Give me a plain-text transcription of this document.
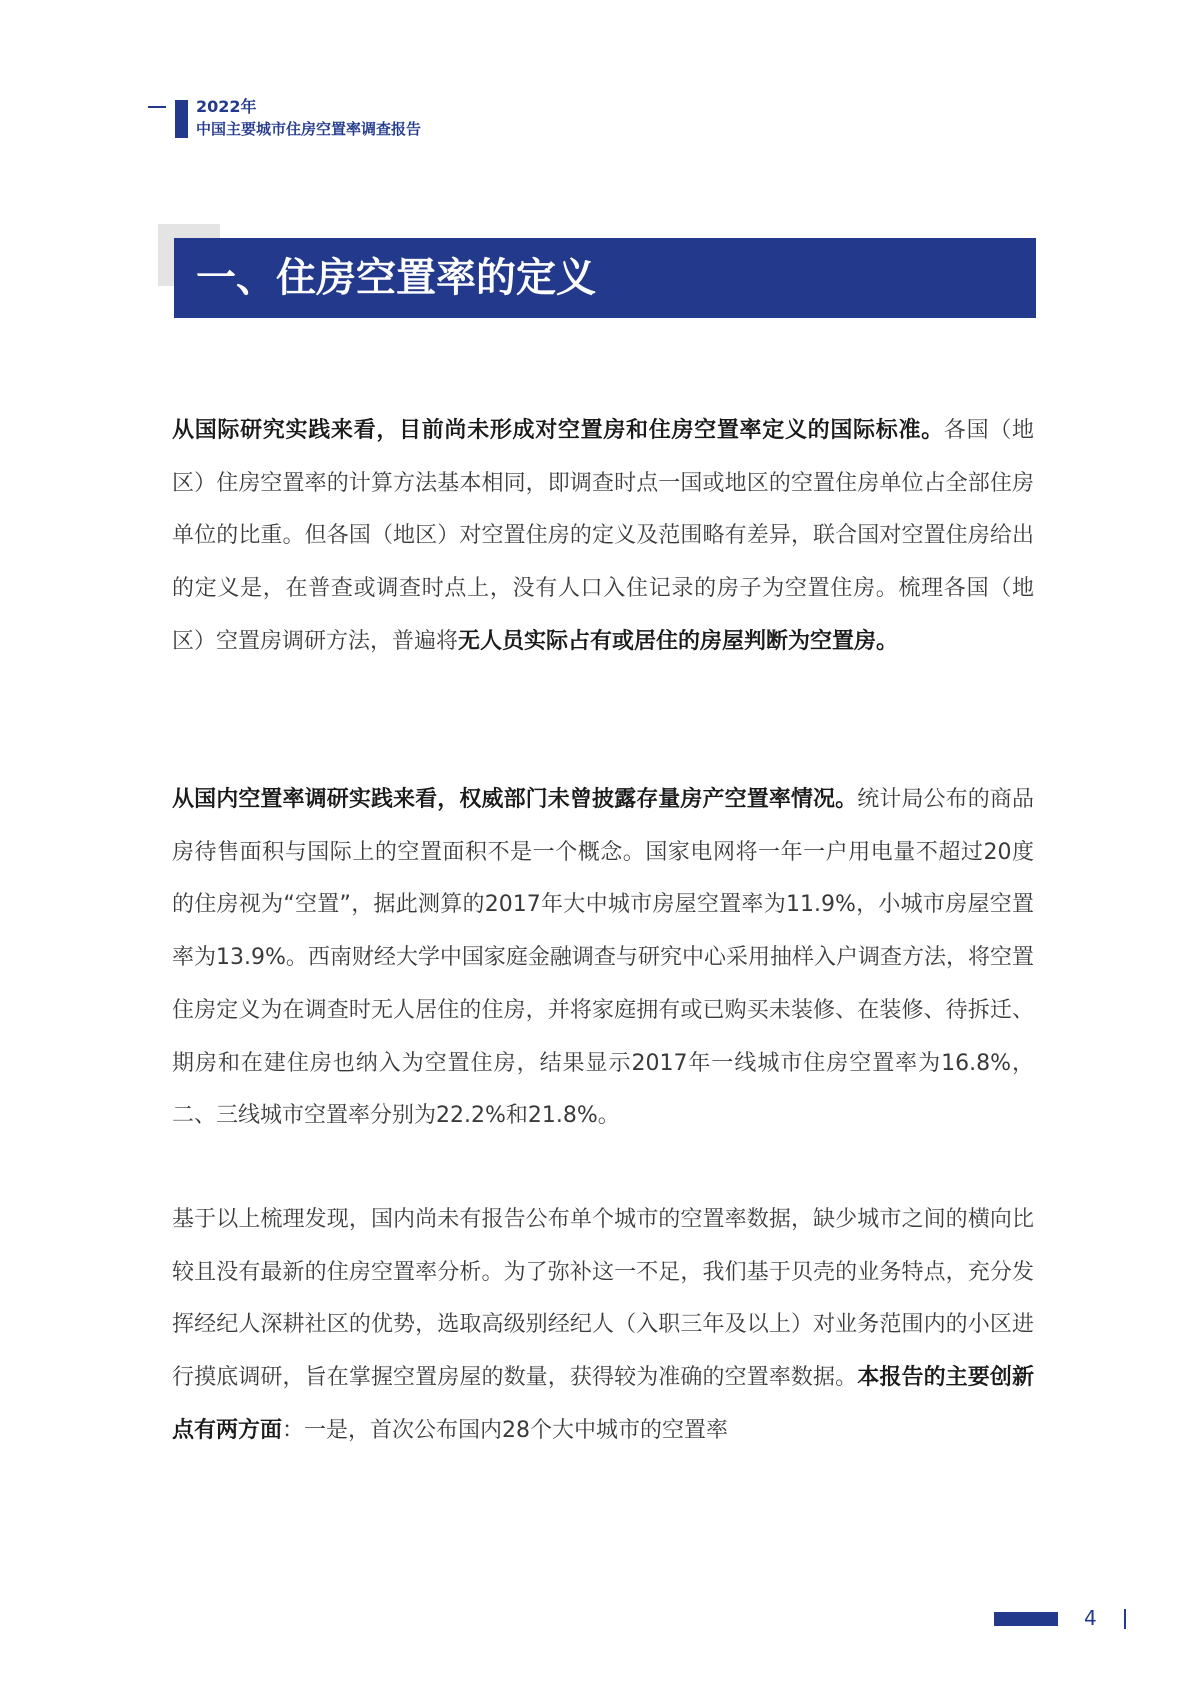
2022年
中国主要城市住房空置率调查报告
一、住房空置率的定义

从国际研究实践来看，目前尚未形成对空置房和住房空置率定义的国际标准。各国（地区）住房空置率的计算方法基本相同，即调查时点一国或地区的空置住房单位占全部住房单位的比重。但各国（地区）对空置住房的定义及范围略有差异，联合国对空置住房给出的定义是，在普查或调查时点上，没有人口入住记录的房子为空置住房。梳理各国（地区）空置房调研方法，普遍将无人员实际占有或居住的房屋判断为空置房。

从国内空置率调研实践来看，权威部门未曾披露存量房产空置率情况。统计局公布的商品房待售面积与国际上的空置面积不是一个概念。国家电网将一年一户用电量不超过20度的住房视为“空置”，据此测算的2017年大中城市房屋空置率为11.9%，小城市房屋空置率为13.9%。西南财经大学中国家庭金融调查与研究中心采用抽样入户调查方法，将空置住房定义为在调查时无人居住的住房，并将家庭拥有或已购买未装修、在装修、待拆迁、期房和在建住房也纳入为空置住房，结果显示2017年一线城市住房空置率为16.8%，二、三线城市空置率分别为22.2%和21.8%。

基于以上梳理发现，国内尚未有报告公布单个城市的空置率数据，缺少城市之间的横向比较且没有最新的住房空置率分析。为了弥补这一不足，我们基于贝壳的业务特点，充分发挥经纪人深耕社区的优势，选取高级别经纪人（入职三年及以上）对业务范围内的小区进行摸底调研，旨在掌握空置房屋的数量，获得较为准确的空置率数据。本报告的主要创新点有两方面：一是，首次公布国内28个大中城市的空置率

4
